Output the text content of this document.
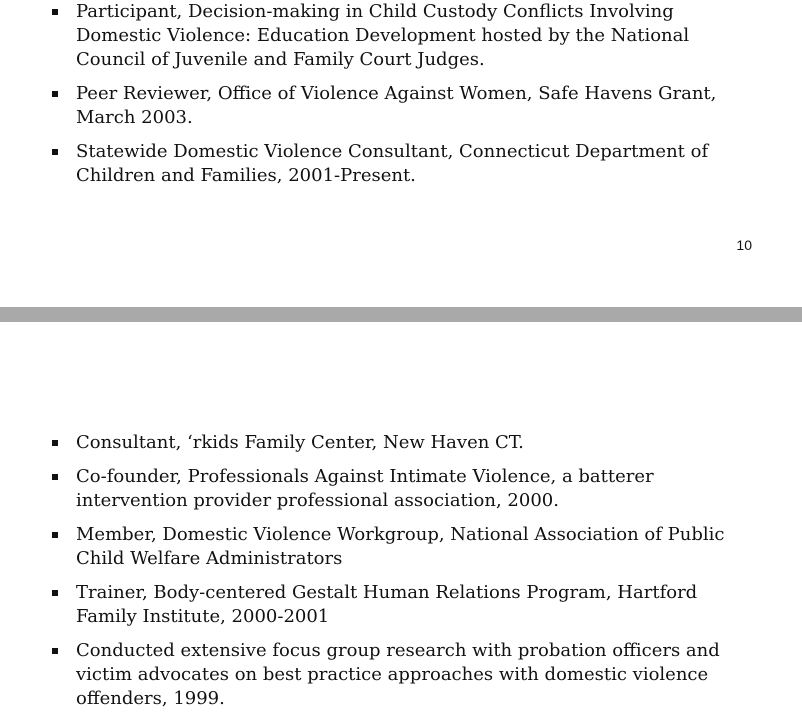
Participant, Decision-making in Child Custody Conflicts Involving Domestic Violence: Education Development hosted by the National Council of Juvenile and Family Court Judges.
Peer Reviewer, Office of Violence Against Women, Safe Havens Grant, March 2003.
Statewide Domestic Violence Consultant, Connecticut Department of Children and Families, 2001-Present.
10
Consultant, ‘rkids Family Center, New Haven CT.
Co-founder, Professionals Against Intimate Violence, a batterer intervention provider professional association, 2000.
Member, Domestic Violence Workgroup, National Association of Public Child Welfare Administrators
Trainer, Body-centered Gestalt Human Relations Program, Hartford Family Institute, 2000-2001
Conducted extensive focus group research with probation officers and victim advocates on best practice approaches with domestic violence offenders, 1999.
